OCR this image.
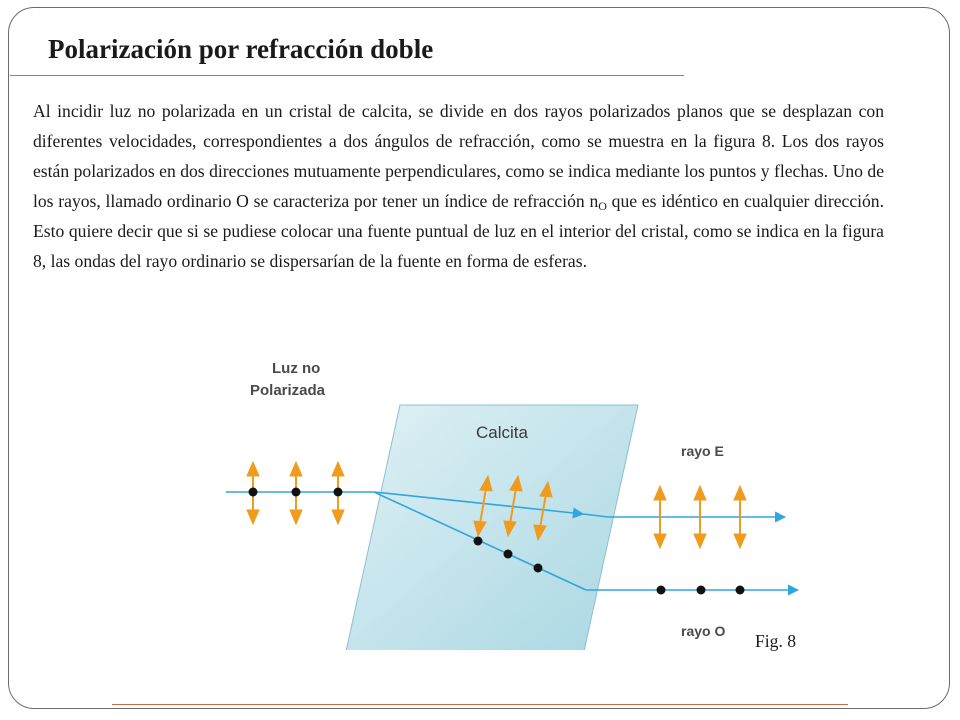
Polarización por refracción doble
Al incidir luz no polarizada en un cristal de calcita, se divide en dos rayos polarizados planos que se desplazan con diferentes velocidades, correspondientes a dos ángulos de refracción, como se muestra en la figura 8. Los dos rayos están polarizados en dos direcciones mutuamente perpendiculares, como se indica mediante los puntos y flechas. Uno de los rayos, llamado ordinario O se caracteriza por tener un índice de refracción $n_O$ que es idéntico en cualquier dirección. Esto quiere decir que si se pudiese colocar una fuente puntual de luz en el interior del cristal, como se indica en la figura 8, las ondas del rayo ordinario se dispersarían de la fuente en forma de esferas.
Luz no
Polarizada
Calcita
rayo E
rayo O Fig. 8
